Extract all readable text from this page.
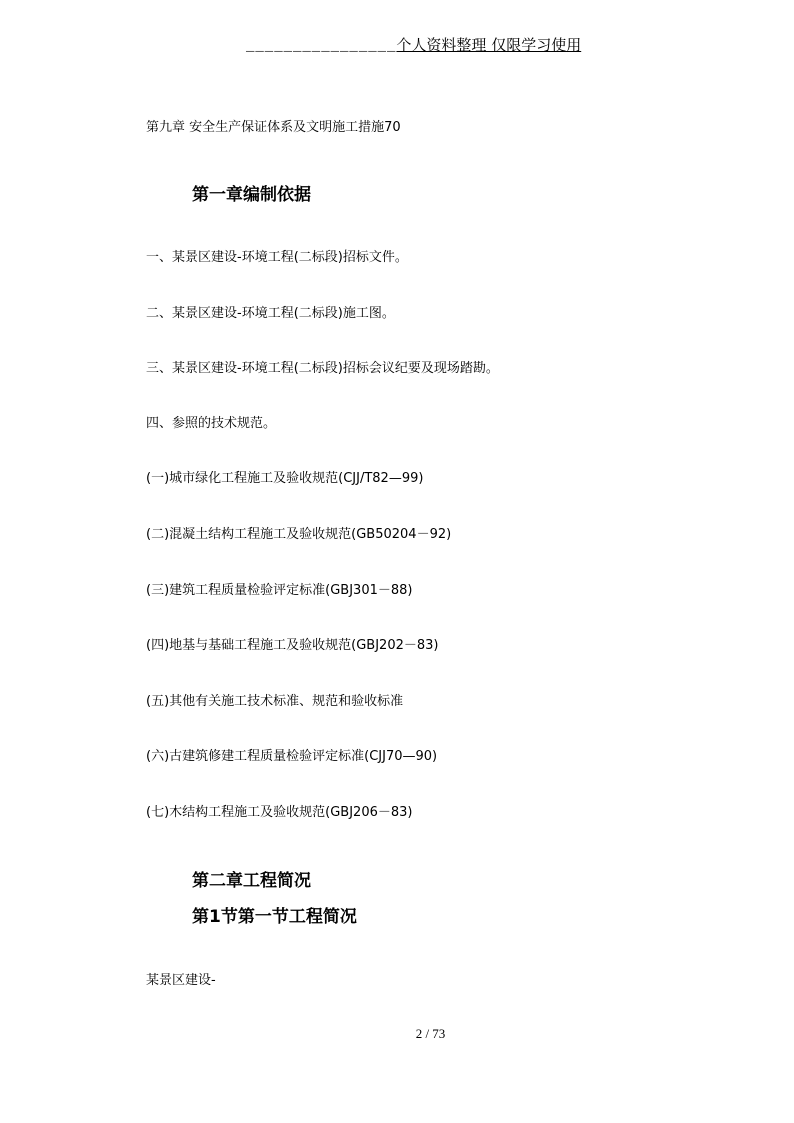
________________个人资料整理 仅限学习使用
第九章 安全生产保证体系及文明施工措施70
第一章编制依据
一、某景区建设-环境工程(二标段)招标文件。
二、某景区建设-环境工程(二标段)施工图。
三、某景区建设-环境工程(二标段)招标会议纪要及现场踏勘。
四、参照的技术规范。
(一)城市绿化工程施工及验收规范(CJJ/T82—99)
(二)混凝土结构工程施工及验收规范(GB50204－92)
(三)建筑工程质量检验评定标准(GBJ301－88)
(四)地基与基础工程施工及验收规范(GBJ202－83)
(五)其他有关施工技术标准、规范和验收标准
(六)古建筑修建工程质量检验评定标准(CJJ70—90)
(七)木结构工程施工及验收规范(GBJ206－83)
第二章工程简况
第1节第一节工程简况
某景区建设-
2 / 73
